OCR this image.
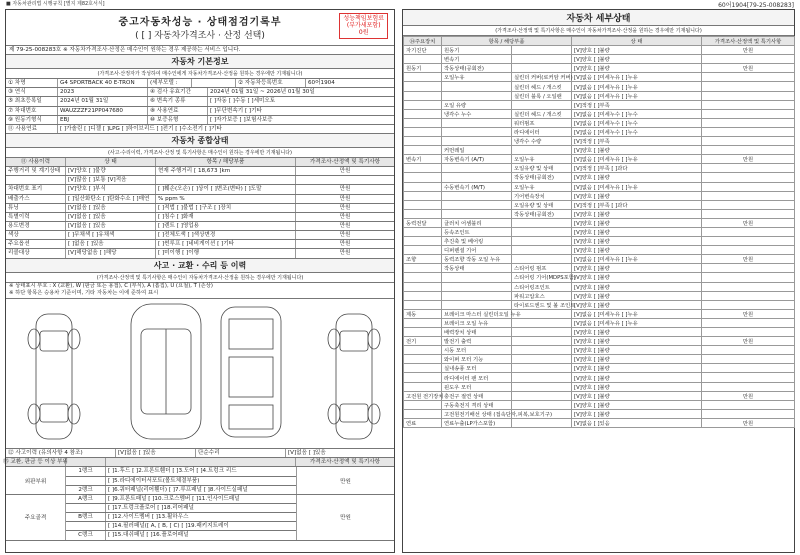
■ 자동차관리법 시행규칙 [별지 제82호서식]	60어1904[79-25-008283]
중고자동차성능 · 상태점검기록부
( [ ] 자동차가격조사 · 산정 선택)
성능책임보험료
(부가세포함)
0원
제 79-25-008283호 ※ 자동차가격조사·산정은 매수인이 원하는 경우 제공하는 서비스 입니다.
자동차 기본정보
(가격조사·산정자가 작성하여 매수인에게 자동차가격조사·산정을 원하는 경우에만 기재됩니다)
① 차명	G4 SPORTBACK 40 E-TRON	(세부모델 :	② 자동차등록번호	60어1904
③ 연식	2023	④ 검사 유효기간	2024년 01월 31일 ~ 2026년 01월 30일
⑤ 최초등록일	2024년 01월 31일	⑥ 변속기 종류	[ ]자동 [ ]수동 [ ]세미오토
⑦ 차대번호	WAUZZZF21PP047680	⑧ 사용연료	[ ]무단변속기 [ ]기타
⑨ 원동기형식	EBJ	⑩ 보증유형	[ ]자가보증 [ ]보험사보증
⑪ 사용연료	[ ]가솔린 [ ]디젤 [ ]LPG [ ]하이브리드 [ ]전기 [ ]수소전기 [ ]기타
자동차 종합상태
(사고·수리이력, 가격조사·산정 및 특기사항은 매수인이 원하는 경우에만 기재됩니다)
⑪ 사용이력	상 태	항목 / 해당부품	가격조사·산정액 및 특기사항
주행거리 및 계기상태	[V]양호 [ ]불량	현재 주행거리 [ 18,673 ]km	만원
[V]많음 [ ]보통 [V]적음
차대번호 표기	[V]양호 [ ]부식	[ ]훼손(오손) [ ]상이 [ ]변조(변타) [ ]도말	만원
배출가스	[ ]일산화탄소 [ ]탄화수소 [ ]매연	% ppm %	만원
튜닝	[V]없음 [ ]있음	[ ]적법 [ ]불법 [ ]구조 [ ]장치	만원
특별이력	[V]없음 [ ]있음	[ ]침수 [ ]화재	만원
용도변경	[V]없음 [ ]있음	[ ]렌트 [ ]영업용	만원
색상	[ ]무채색 [ ]유채색	[ ]전체도색 [ ]색상변경	만원
주요옵션	[ ]없음 [ ]있음	[ ]썬루프 [ ]네비게이션 [ ]기타	만원
리콜대상	[V]해당없음 [ ]해당	[ ]미이행 [ ]이행	만원
사고 · 교환 · 수리 등 이력
(가격조사·산정액 및 특기사항은 매수인이 자동차가격조사·산정을 원하는 경우에만 기재됩니다)
※ 상태표시 부호 : X (교환), W (판금 또는 용접), C (부식), A (흠집), U (요철), T (손상)
※ 하단 항목은 승용차 기준이며, 기타 자동차는 이에 준하여 표시
⑫ 사고이력 (유의사항 4 참조)	[V]없음 [ ]있음	단순수리	[V]없음 [ ]있음
⑬ 교환, 판금 등 이상 부위	가격조사·산정액 및 특기사항
외판부위
1랭크	[ ]1.후드 [ ]2.프론트휀더 [ ]3.도어 [ ]4.트렁크 리드
[ ]5.라디에이터서포트(볼트체결부품)
2랭크	[ ]6.쿼터패널(리어휀더) [ ]7.루프패널 [ ]8.사이드실패널
만원
주요골격
A랭크	[ ]9.프론트패널 [ ]10.크로스멤버 [ ]11.인사이드패널
[ ]17.트렁크플로어 [ ]18.리어패널
B랭크	[ ]12.사이드멤버 [ ]13.휠하우스
[ ]14.필러패널([ A, [ B, [ C) [ ]19.패키지트레이
C랭크	[ ]15.대쉬패널 [ ]16.플로어패널
만원
자동차 세부상태
(가격조사·산정액 및 특기사항은 매수인이 자동차가격조사·산정을 원하는 경우에만 기재됩니다)
⑭주요장치	항목 / 해당부품		상 태	가격조사·산정액 및 특기사항
자기진단	원동기		[V]양호 [ ]불량	만원
	변속기		[V]양호 [ ]불량	
원동기	작동상태(공회전)		[V]양호 [ ]불량	만원
	오일누유	실린더 커버(로커암 커버)	[V]없음 [ ]미세누유 [ ]누유	
		실린더 헤드 / 개스킷	[V]없음 [ ]미세누유 [ ]누유	
		실린더 블록 / 오일팬	[V]없음 [ ]미세누유 [ ]누유	
	오일 유량		[V]적정 [ ]부족	
	냉각수 누수	실린더 헤드 / 개스킷	[V]없음 [ ]미세누수 [ ]누수	
		워터펌프	[V]없음 [ ]미세누수 [ ]누수	
		라디에이터	[V]없음 [ ]미세누수 [ ]누수	
		냉각수 수량	[V]적정 [ ]부족	
	커먼레일		[V]양호 [ ]불량	
변속기	자동변속기 (A/T)	오일누유	[V]없음 [ ]미세누유 [ ]누유	만원
		오일유량 및 상태	[V]적정 [ ]부족 [ ]과다	
		작동상태(공회전)	[V]양호 [ ]불량	
	수동변속기 (M/T)	오일누유	[V]없음 [ ]미세누유 [ ]누유	
		기어변속장치	[V]양호 [ ]불량	
		오일유량 및 상태	[V]적정 [ ]부족 [ ]과다	
		작동상태(공회전)	[V]양호 [ ]불량	
동력전달	클러치 어셈블리		[V]양호 [ ]불량	만원
	등속조인트		[V]양호 [ ]불량	
	추진축 및 베어링		[V]양호 [ ]불량	
	디퍼렌셜 기어		[V]양호 [ ]불량	
조향	동력조향 작동 오일 누유		[V]없음 [ ]미세누유 [ ]누유	만원
	작동상태	스티어링 펌프	[V]양호 [ ]불량	
		스티어링 기어(MDPS포함)	[V]양호 [ ]불량	
		스티어링조인트	[V]양호 [ ]불량	
		파워고압호스	[V]양호 [ ]불량	
		타이로드엔드 및 볼 조인트	[V]양호 [ ]불량	
제동	브레이크 마스터 실린더오일 누유		[V]없음 [ ]미세누유 [ ]누유	만원
	브레이크 오일 누유		[V]없음 [ ]미세누유 [ ]누유	
	배력장치 상태		[V]양호 [ ]불량	
전기	발전기 출력		[V]양호 [ ]불량	만원
	시동 모터		[V]양호 [ ]불량	
	와이퍼 모터 기능		[V]양호 [ ]불량	
	실내송풍 모터		[V]양호 [ ]불량	
	라디에이터 팬 모터		[V]양호 [ ]불량	
	윈도우 모터		[V]양호 [ ]불량	
고전원 전기장치	충전구 절연 상태		[V]양호 [ ]불량	만원
	구동축전지 격리 상태		[V]양호 [ ]불량	
	고전원전기배선 상태 (접속단자,피복,보호기구)		[V]양호 [ ]불량	
연료	연료누출(LP가스포함)		[V]없음 [ ]있음	만원
